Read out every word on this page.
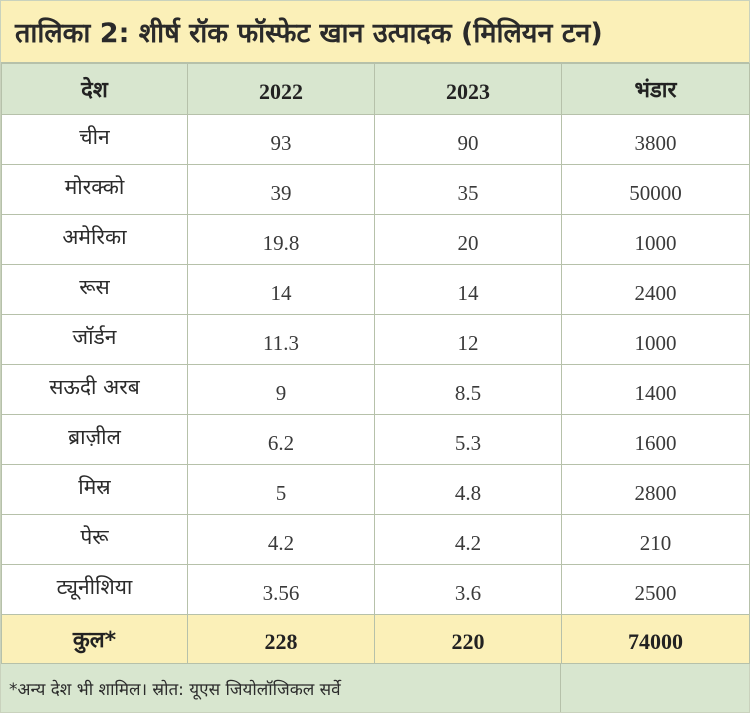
तालिका 2: शीर्ष रॉक फॉस्फेट खान उत्पादक (मिलियन टन)
देश	2022	2023	भंडार
चीन	93	90	3800
मोरक्को	39	35	50000
अमेरिका	19.8	20	1000
रूस	14	14	2400
जॉर्डन	11.3	12	1000
सऊदी अरब	9	8.5	1400
ब्राज़ील	6.2	5.3	1600
मिस्र	5	4.8	2800
पेरू	4.2	4.2	210
ट्यूनीशिया	3.56	3.6	2500
कुल*	228	220	74000
*अन्य देश भी शामिल। स्रोत: यूएस जियोलॉजिकल सर्वे
